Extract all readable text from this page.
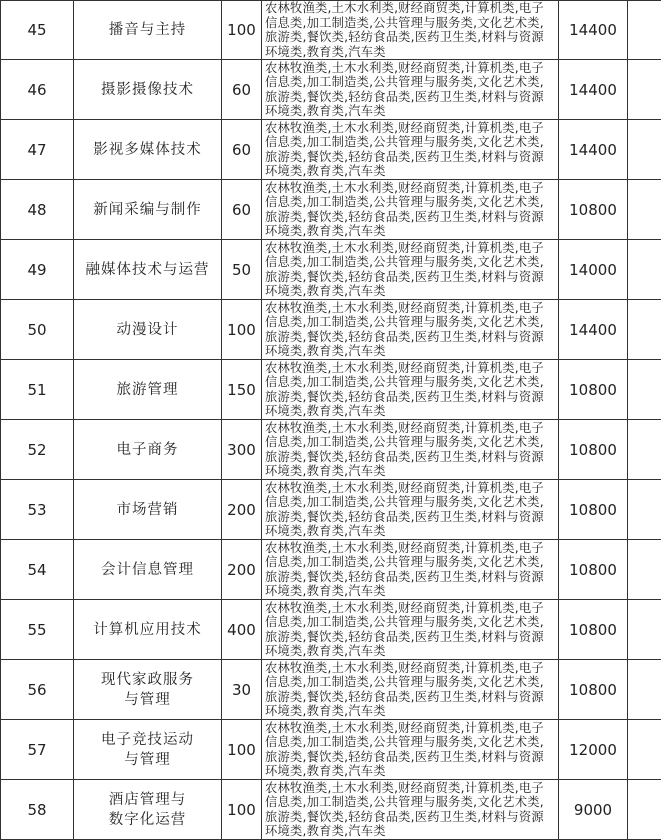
45	播音与主持	100	农林牧渔类,土木水利类,财经商贸类,计算机类,电子
信息类,加工制造类,公共管理与服务类,文化艺术类,
旅游类,餐饮类,轻纺食品类,医药卫生类,材料与资源
环境类,教育类,汽车类	14400	
46	摄影摄像技术	60	农林牧渔类,土木水利类,财经商贸类,计算机类,电子
信息类,加工制造类,公共管理与服务类,文化艺术类,
旅游类,餐饮类,轻纺食品类,医药卫生类,材料与资源
环境类,教育类,汽车类	14400	
47	影视多媒体技术	60	农林牧渔类,土木水利类,财经商贸类,计算机类,电子
信息类,加工制造类,公共管理与服务类,文化艺术类,
旅游类,餐饮类,轻纺食品类,医药卫生类,材料与资源
环境类,教育类,汽车类	14400	
48	新闻采编与制作	60	农林牧渔类,土木水利类,财经商贸类,计算机类,电子
信息类,加工制造类,公共管理与服务类,文化艺术类,
旅游类,餐饮类,轻纺食品类,医药卫生类,材料与资源
环境类,教育类,汽车类	10800	
49	融媒体技术与运营	50	农林牧渔类,土木水利类,财经商贸类,计算机类,电子
信息类,加工制造类,公共管理与服务类,文化艺术类,
旅游类,餐饮类,轻纺食品类,医药卫生类,材料与资源
环境类,教育类,汽车类	14000	
50	动漫设计	100	农林牧渔类,土木水利类,财经商贸类,计算机类,电子
信息类,加工制造类,公共管理与服务类,文化艺术类,
旅游类,餐饮类,轻纺食品类,医药卫生类,材料与资源
环境类,教育类,汽车类	14400	
51	旅游管理	150	农林牧渔类,土木水利类,财经商贸类,计算机类,电子
信息类,加工制造类,公共管理与服务类,文化艺术类,
旅游类,餐饮类,轻纺食品类,医药卫生类,材料与资源
环境类,教育类,汽车类	10800	
52	电子商务	300	农林牧渔类,土木水利类,财经商贸类,计算机类,电子
信息类,加工制造类,公共管理与服务类,文化艺术类,
旅游类,餐饮类,轻纺食品类,医药卫生类,材料与资源
环境类,教育类,汽车类	10800	
53	市场营销	200	农林牧渔类,土木水利类,财经商贸类,计算机类,电子
信息类,加工制造类,公共管理与服务类,文化艺术类,
旅游类,餐饮类,轻纺食品类,医药卫生类,材料与资源
环境类,教育类,汽车类	10800	
54	会计信息管理	200	农林牧渔类,土木水利类,财经商贸类,计算机类,电子
信息类,加工制造类,公共管理与服务类,文化艺术类,
旅游类,餐饮类,轻纺食品类,医药卫生类,材料与资源
环境类,教育类,汽车类	10800	
55	计算机应用技术	400	农林牧渔类,土木水利类,财经商贸类,计算机类,电子
信息类,加工制造类,公共管理与服务类,文化艺术类,
旅游类,餐饮类,轻纺食品类,医药卫生类,材料与资源
环境类,教育类,汽车类	10800	
56	现代家政服务
与管理	30	农林牧渔类,土木水利类,财经商贸类,计算机类,电子
信息类,加工制造类,公共管理与服务类,文化艺术类,
旅游类,餐饮类,轻纺食品类,医药卫生类,材料与资源
环境类,教育类,汽车类	10800	
57	电子竞技运动
与管理	100	农林牧渔类,土木水利类,财经商贸类,计算机类,电子
信息类,加工制造类,公共管理与服务类,文化艺术类,
旅游类,餐饮类,轻纺食品类,医药卫生类,材料与资源
环境类,教育类,汽车类	12000	
58	酒店管理与
数字化运营	100	农林牧渔类,土木水利类,财经商贸类,计算机类,电子
信息类,加工制造类,公共管理与服务类,文化艺术类,
旅游类,餐饮类,轻纺食品类,医药卫生类,材料与资源
环境类,教育类,汽车类	9000	
